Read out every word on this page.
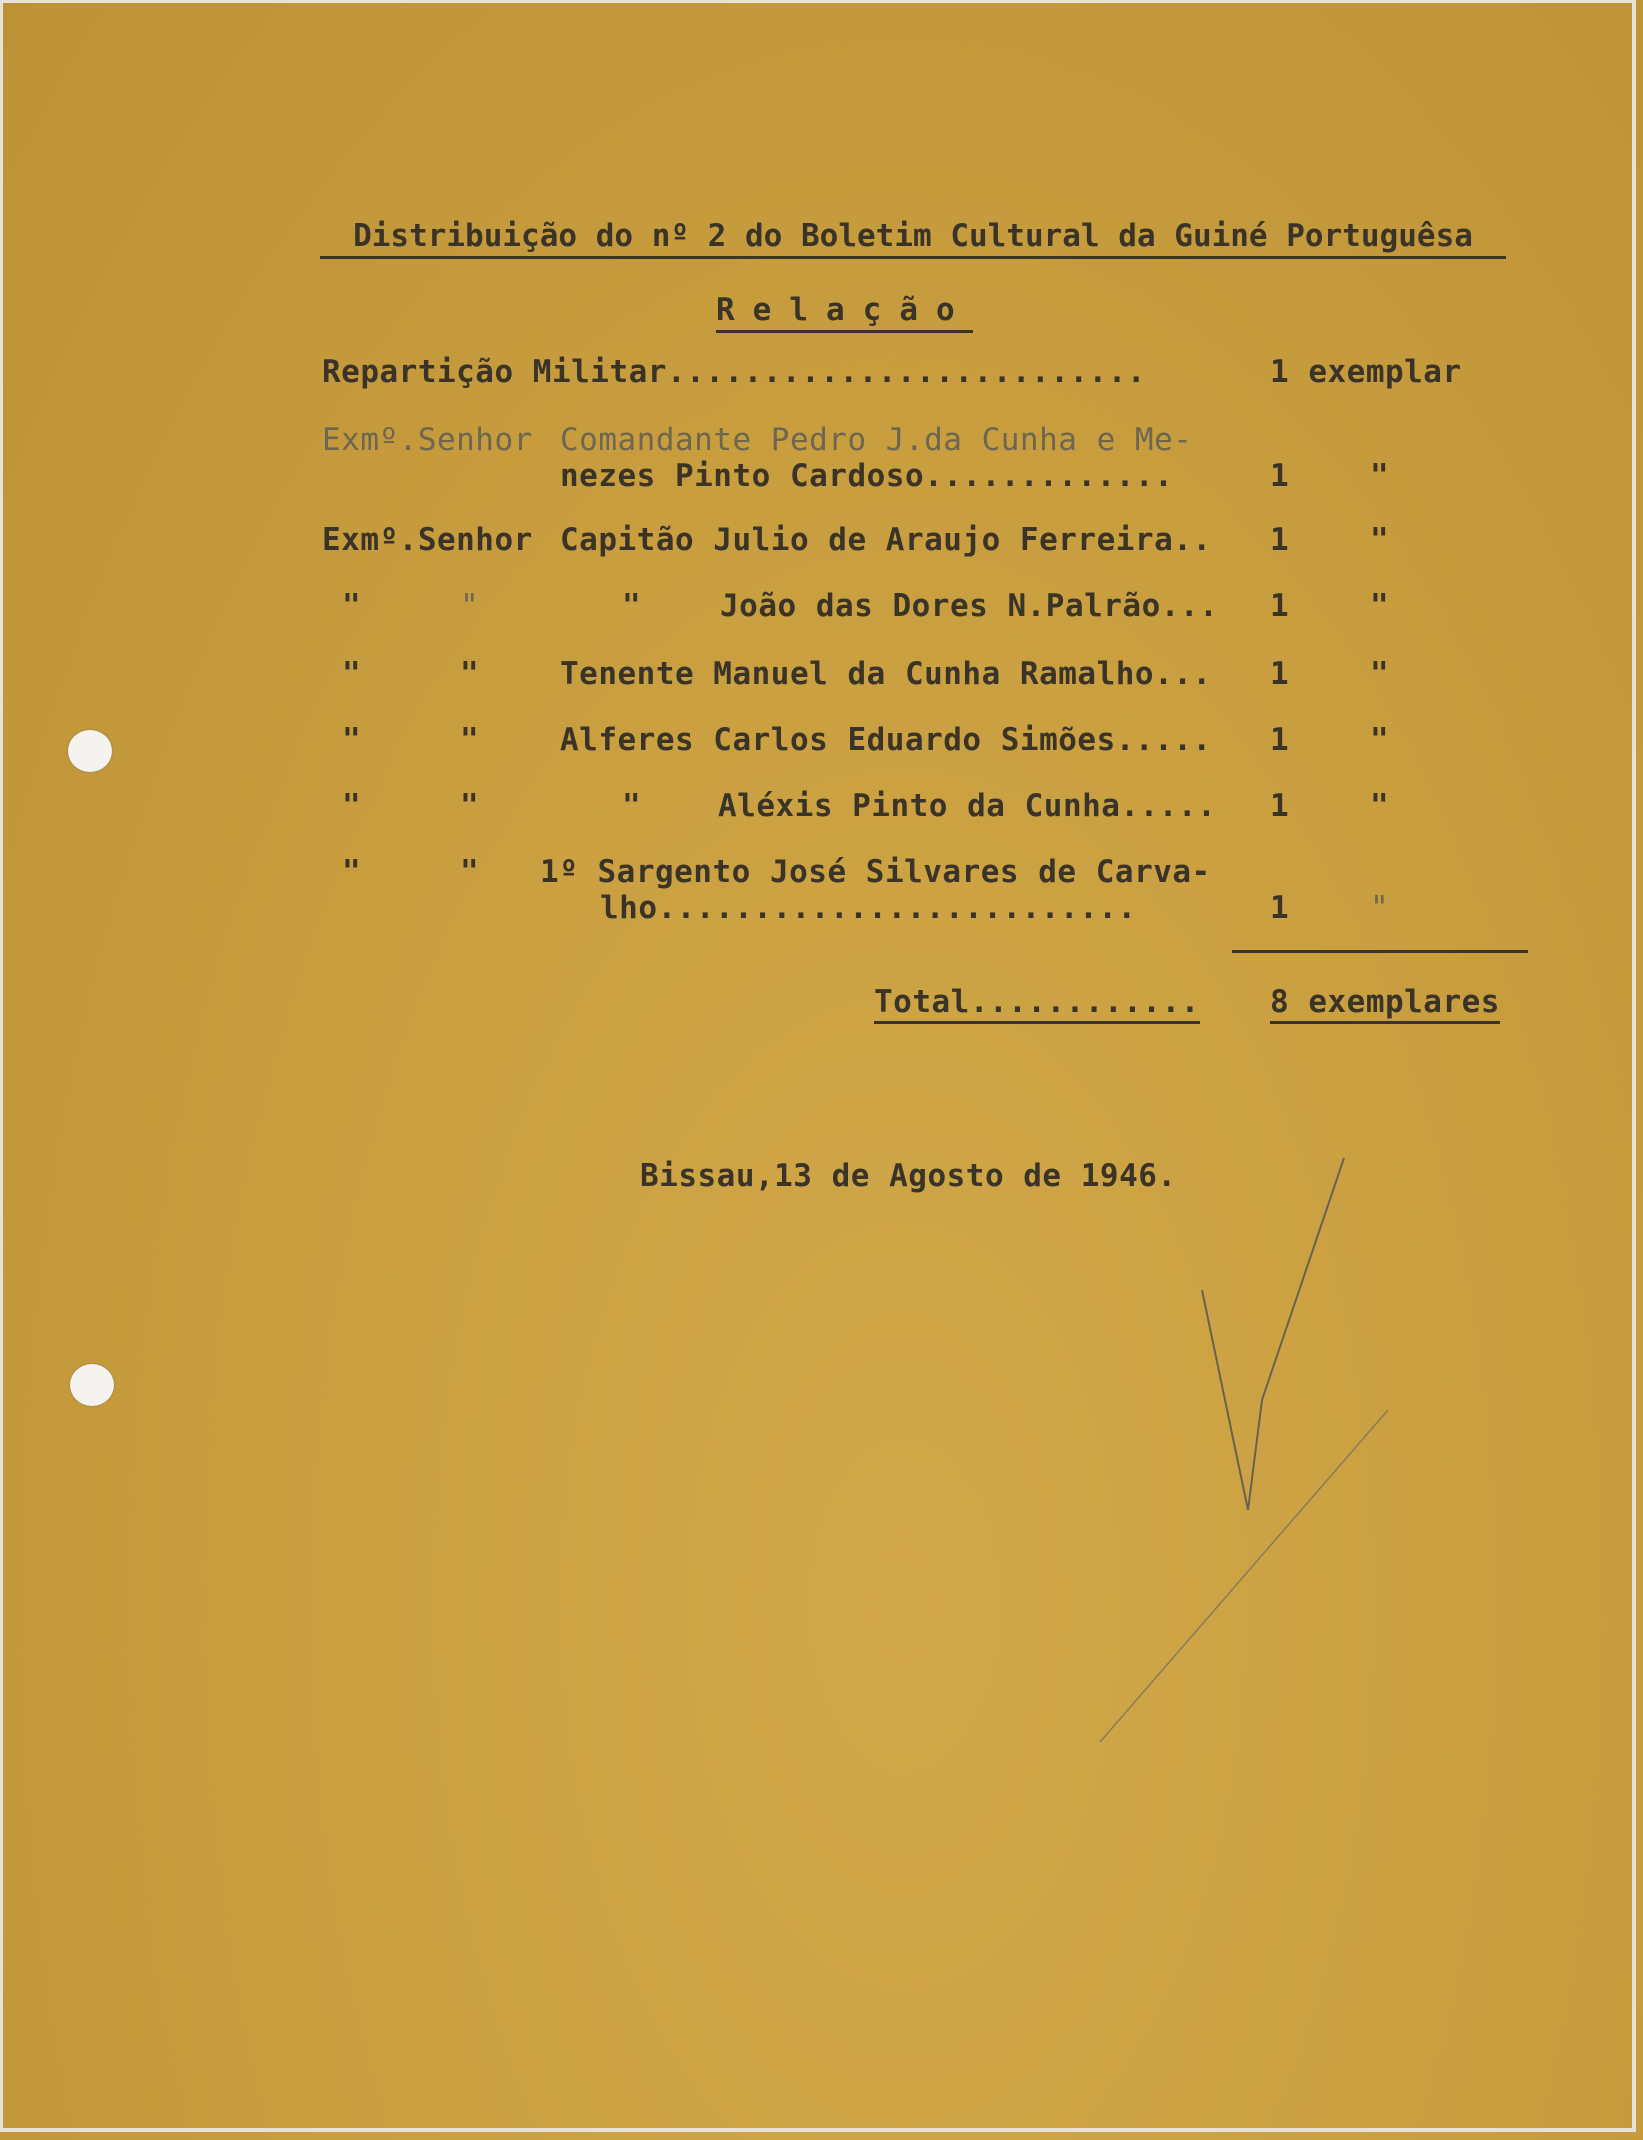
Distribuição do nº 2 do Boletim Cultural da Guiné Portuguêsa
Relação
Repartição Militar.........................	1 exemplar
Exmº.Senhor Comandante Pedro J.da Cunha e Me-
nezes Pinto Cardoso.............	1	"
Exmº.Senhor Capitão Julio de Araujo Ferreira.. 1	"
"	"	"	João das Dores N.Palrão... 1	"
"	"	Tenente Manuel da Cunha Ramalho... 1	"
"	"	Alferes Carlos Eduardo Simões..... 1	"
"	"	" Aléxis Pinto da Cunha..... 1	"
"	" 1º Sargento José Silvares de Carva-
lho.........................	1	"
Total............ 8 exemplares
Bissau,13 de Agosto de 1946.
